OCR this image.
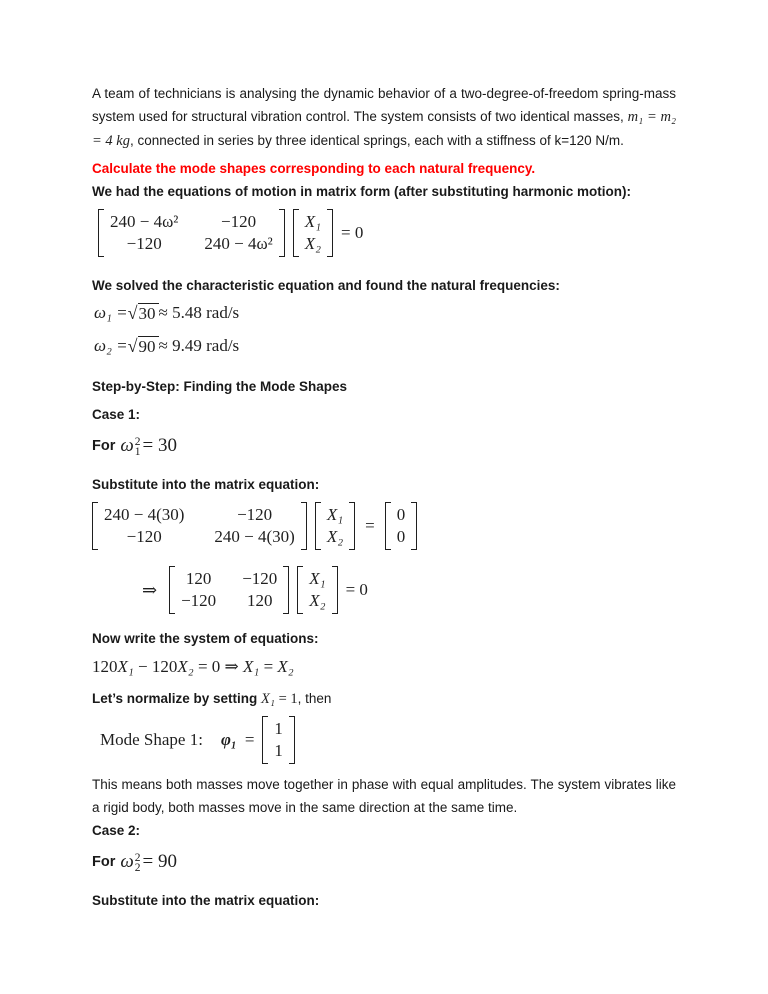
A team of technicians is analysing the dynamic behavior of a two-degree-of-freedom spring-mass system used for structural vibration control. The system consists of two identical masses, m₁ = m₂ = 4 kg, connected in series by three identical springs, each with a stiffness of k=120 N/m.

Calculate the mode shapes corresponding to each natural frequency.

We had the equations of motion in matrix form (after substituting harmonic motion):

240 − 4ω²	−120
−120	240 − 4ω²
X₁
X₂
= 0

We solved the characteristic equation and found the natural frequencies:

ω₁ = √ 30 ≈ 5.48 rad/s
ω₂ = √ 90 ≈ 9.49 rad/s

Step-by-Step: Finding the Mode Shapes

Case 1:

For ω 2
1 = 30

Substitute into the matrix equation:

240 − 4(30)	−120
−120	240 − 4(30)
X₁
X₂
=
0
0
⇒
120 −120
−120 120
X₁
X₂
= 0

Now write the system of equations:

120 X₁ − 120 X₂ = 0 ⇒ X₁ = X₂

Let’s normalize by setting X₁ = 1, then

Mode Shape 1: φ₁ =
1
1

This means both masses move together in phase with equal amplitudes. The system vibrates like a rigid body, both masses move in the same direction at the same time.

Case 2:

For ω 2
2 = 90

Substitute into the matrix equation:
